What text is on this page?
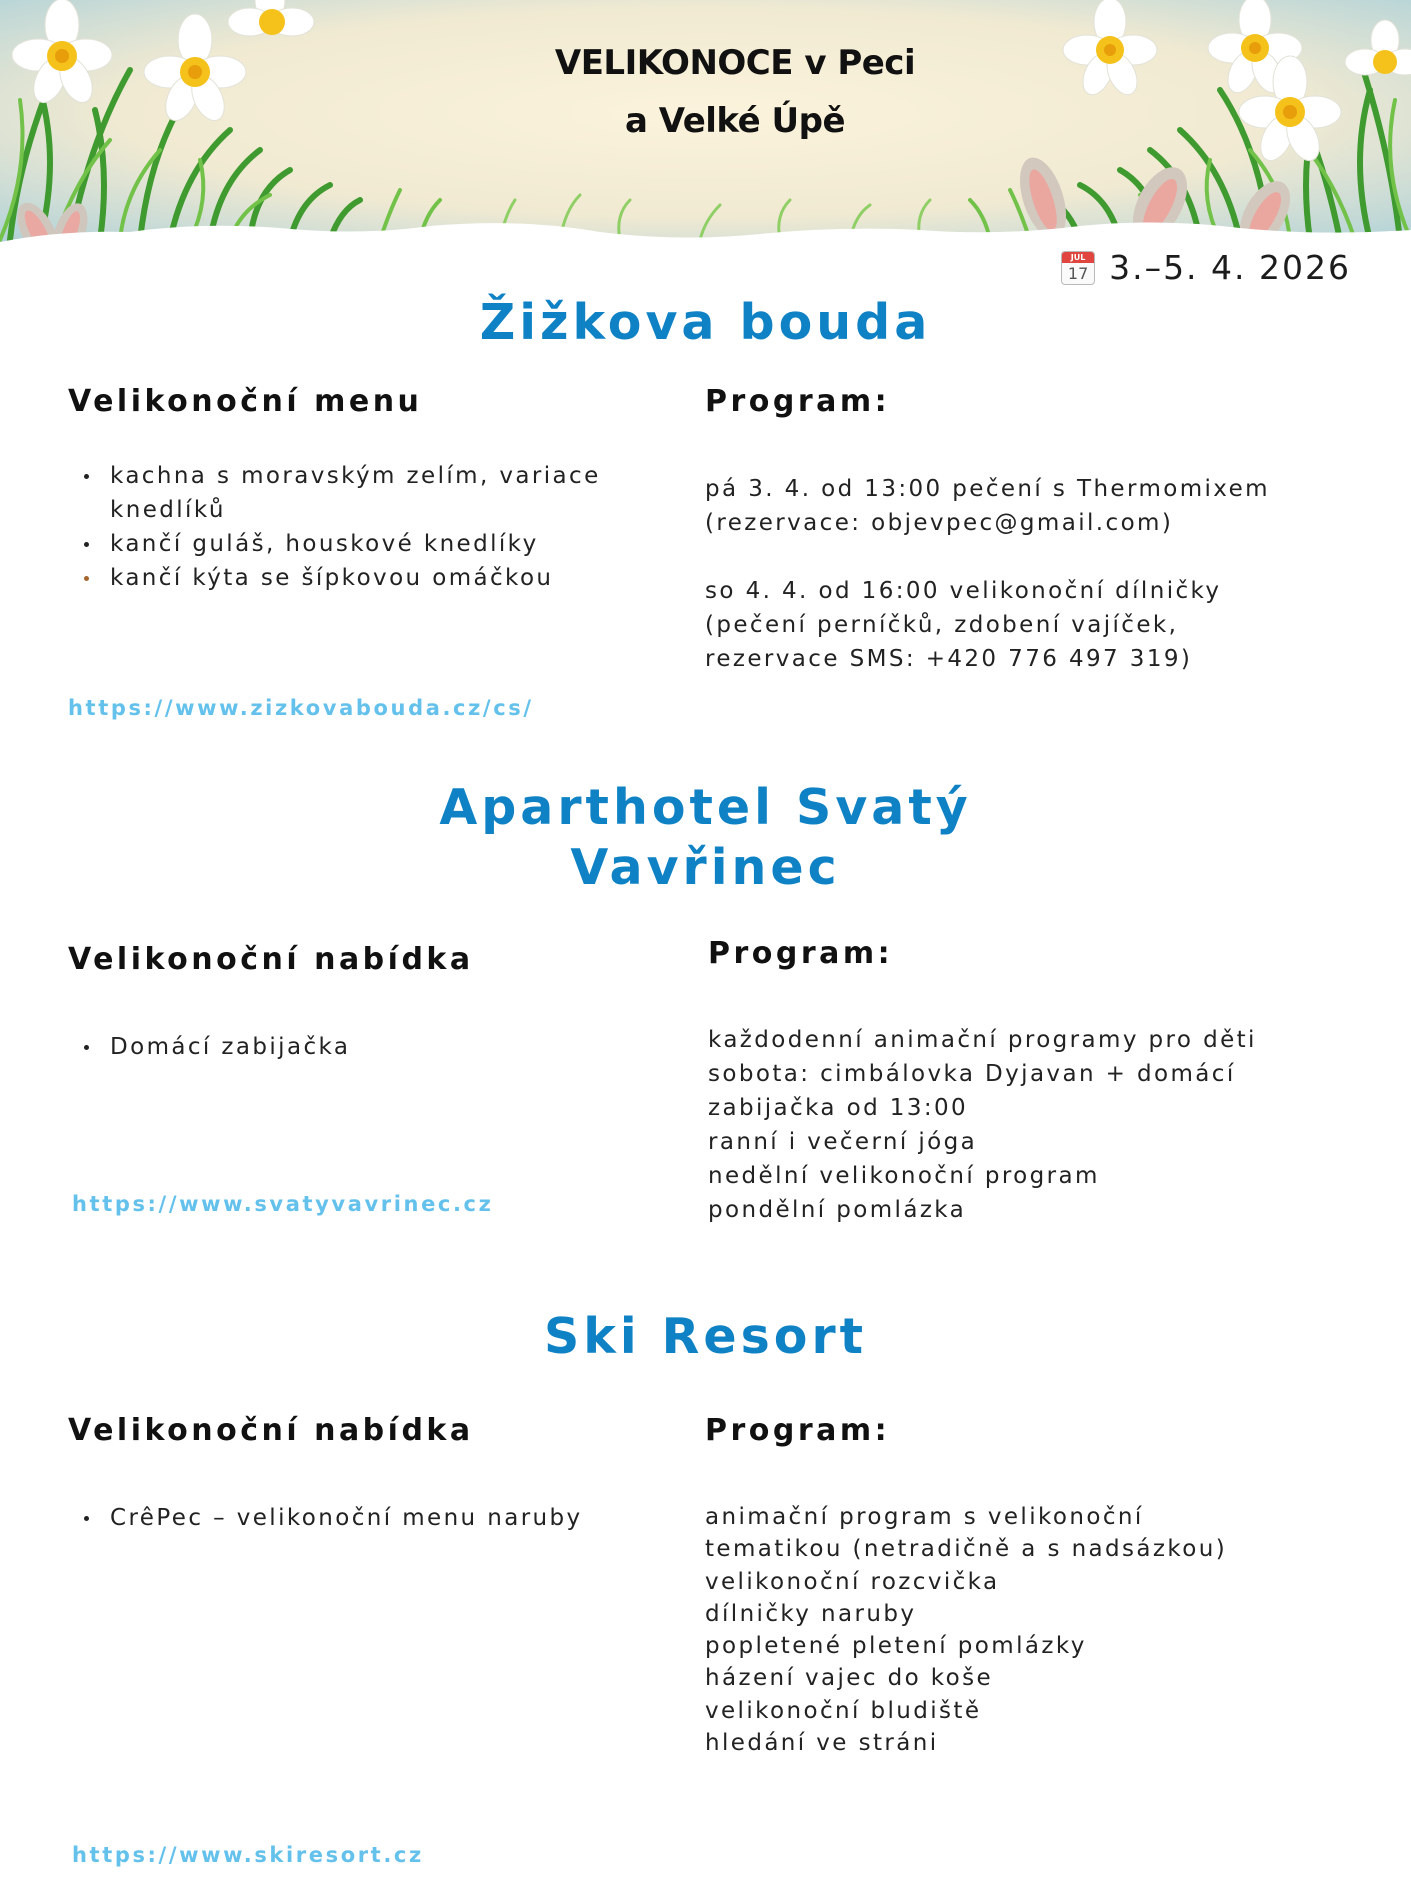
VELIKONOCE v Peci
a Velké Úpě
JUL
17 3.–5. 4. 2026
Žižkova bouda
Velikonoční menu	Program:
kachna s moravským zelím, variace
knedlíků
kančí guláš, houskové knedlíky
kančí kýta se šípkovou omáčkou

pá 3. 4. od 13:00 pečení s Thermomixem

(rezervace: objevpec@gmail.com)

so 4. 4. od 16:00 velikonoční dílničky

(pečení perníčků, zdobení vajíček,

rezervace SMS: +420 776 497 319)

https://www.zizkovabouda.cz/cs/
Aparthotel Svatý
Vavřinec
Velikonoční nabídka	Program:
Domácí zabijačka	každodenní animační programy pro děti

sobota: cimbálovka Dyjavan + domácí

zabijačka od 13:00

ranní i večerní jóga

nedělní velikonoční program

pondělní pomlázka

https://www.svatyvavrinec.cz
Ski Resort
Velikonoční nabídka	Program:
CrêPec – velikonoční menu naruby	animační program s velikonoční

tematikou (netradičně a s nadsázkou)

velikonoční rozcvička

dílničky naruby

popletené pletení pomlázky

házení vajec do koše

velikonoční bludiště

hledání ve stráni

https://www.skiresort.cz
